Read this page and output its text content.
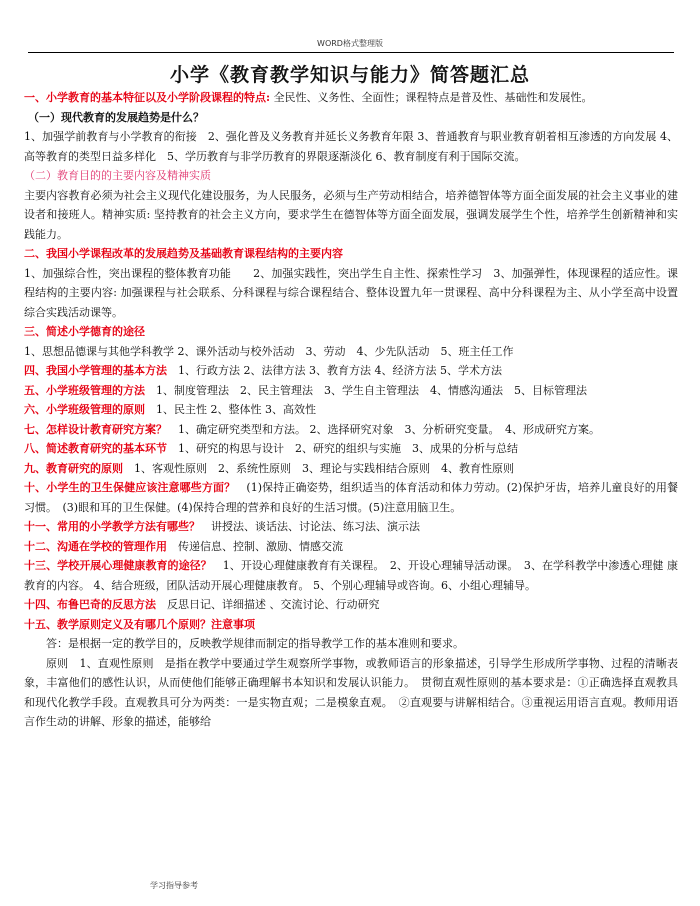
WORD格式整理版
小学《教育教学知识与能力》简答题汇总

一、小学教育的基本特征以及小学阶段课程的特点: 全民性、义务性、全面性；课程特点是普及性、基础性和发展性。

（一）现代教育的发展趋势是什么？

1、加强学前教育与小学教育的衔接　2、强化普及义务教育并延长义务教育年限 3、普通教育与职业教育朝着相互渗透的方向发展 4、高等教育的类型日益多样化　5、学历教育与非学历教育的界限逐渐淡化 6、教育制度有利于国际交流。

（二）教育目的的主要内容及精神实质

主要内容教育必须为社会主义现代化建设服务，为人民服务，必须与生产劳动相结合，培养德智体等方面全面发展的社会主义事业的建设者和接班人。精神实质: 坚持教育的社会主义方向，要求学生在德智体等方面全面发展，强调发展学生个性，培养学生创新精神和实践能力。

二、我国小学课程改革的发展趋势及基础教育课程结构的主要内容

1、加强综合性，突出课程的整体教育功能　　2、加强实践性，突出学生自主性、探索性学习　3、加强弹性，体现课程的适应性。课程结构的主要内容: 加强课程与社会联系、分科课程与综合课程结合、整体设置九年一贯课程、高中分科课程为主、从小学至高中设置综合实践活动课等。

三、简述小学德育的途径

1、思想品德课与其他学科教学 2、课外活动与校外活动　3、劳动　4、少先队活动　5、班主任工作

四、我国小学管理的基本方法　 1、行政方法 2、法律方法 3、教育方法 4、经济方法 5、学术方法

五、小学班级管理的方法　 1、制度管理法　2、民主管理法　3、学生自主管理法　4、情感沟通法　5、目标管理法

六、小学班级管理的原则　 1、民主性 2、整体性 3、高效性

七、怎样设计教育研究方案？　 1、确定研究类型和方法。 2、选择研究对象　3、分析研究变量。　4、形成研究方案。

八、简述教育研究的基本环节　 1、研究的构思与设计　2、研究的组织与实施　3、成果的分析与总结

九、教育研究的原则　 1、客观性原则　2、系统性原则　3、理论与实践相结合原则　4、教育性原则

十、小学生的卫生保健应该注意哪些方面？　 (1)保持正确姿势，组织适当的体育活动和体力劳动。(2)保护牙齿，培养儿童良好的用餐习惯。　(3)眼和耳的卫生保健。(4)保持合理的营养和良好的生活习惯。(5)注意用脑卫生。

十一、常用的小学教学方法有哪些？　 讲授法、谈话法、讨论法、练习法、演示法

十二、沟通在学校的管理作用　 传递信息、控制、激励、情感交流

十三、学校开展心理健康教育的途径？　 1、开设心理健康教育有关课程。　2、开设心理辅导活动课。　3、在学科教学中渗透心理健 康教育的内容。 4、结合班级，团队活动开展心理健康教育。 5、个别心理辅导或咨询。6、小组心理辅导。

十四、布鲁巴奇的反思方法　 反思日记、详细描述 、交流讨论、行动研究

十五、教学原则定义及有哪几个原则？注意事项

答：是根据一定的教学目的，反映教学规律而制定的指导教学工作的基本准则和要求。

原则　1、直观性原则　是指在教学中要通过学生观察所学事物，或教师语言的形象描述，引导学生形成所学事物、过程的清晰表象，丰富他们的感性认识，从而使他们能够正确理解书本知识和发展认识能力。　贯彻直观性原则的基本要求是：①正确选择直观教具和现代化教学手段。直观教具可分为两类：一是实物直观；二是模象直观。　②直观要与讲解相结合。③重视运用语言直观。教师用语言作生动的讲解、形象的描述，能够给

学习指导参考
